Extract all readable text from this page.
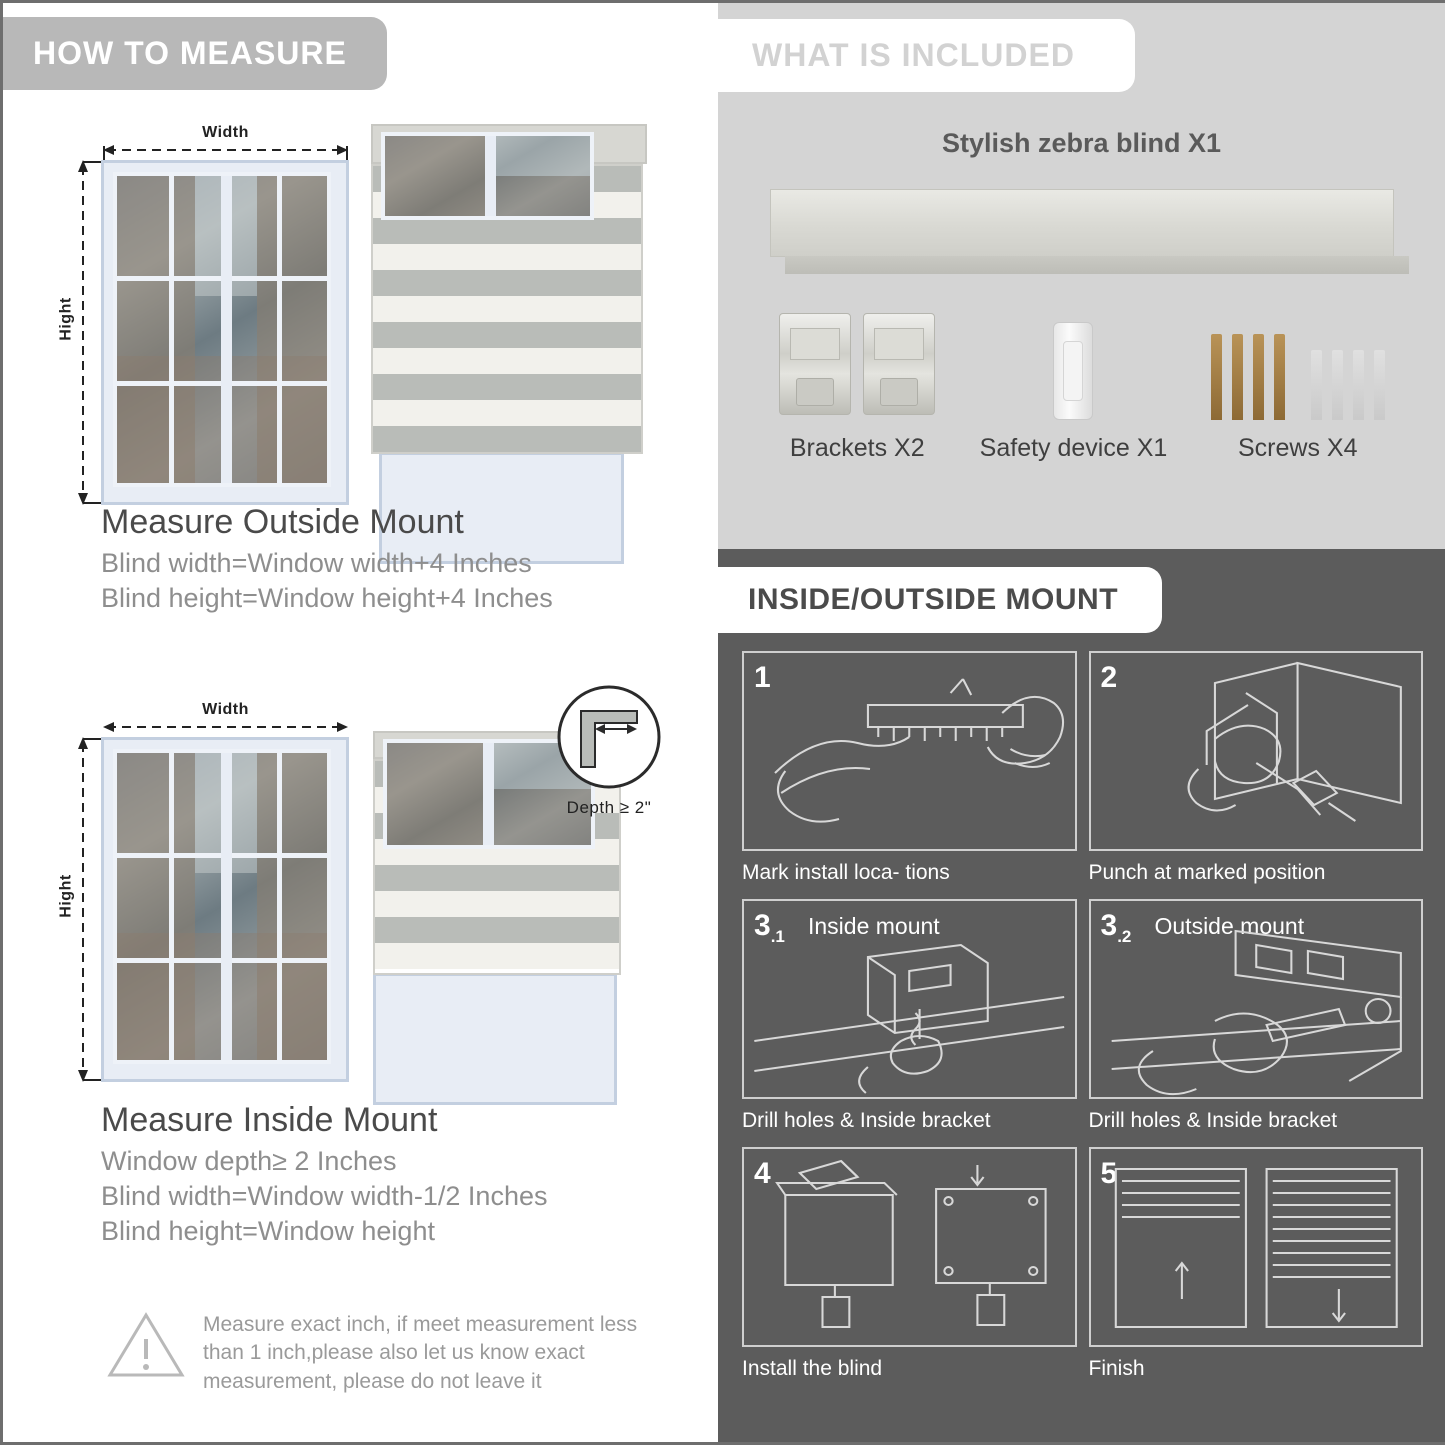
HOW TO MEASURE
Width
Hight
Measure Outside Mount
Blind width=Window width+4 Inches
Blind height=Window height+4 Inches
Width
Hight
Depth ≥ 2"
Measure Inside Mount
Window depth≥ 2 Inches
Blind width=Window width-1/2 Inches
Blind height=Window height
Measure exact inch, if meet measurement less than 1 inch,please also let us know exact measurement, please do not leave it
WHAT IS INCLUDED
Stylish zebra blind X1
Brackets X2	Safety device X1	Screws X4
INSIDE/OUTSIDE MOUNT
1
Mark install loca- tions
2
Punch at marked position
$3_{.1}$ Inside mount
Drill holes & Inside bracket
$3_{.2}$ Outside mount
Drill holes & Inside bracket
4
Install the blind
5
Finish
